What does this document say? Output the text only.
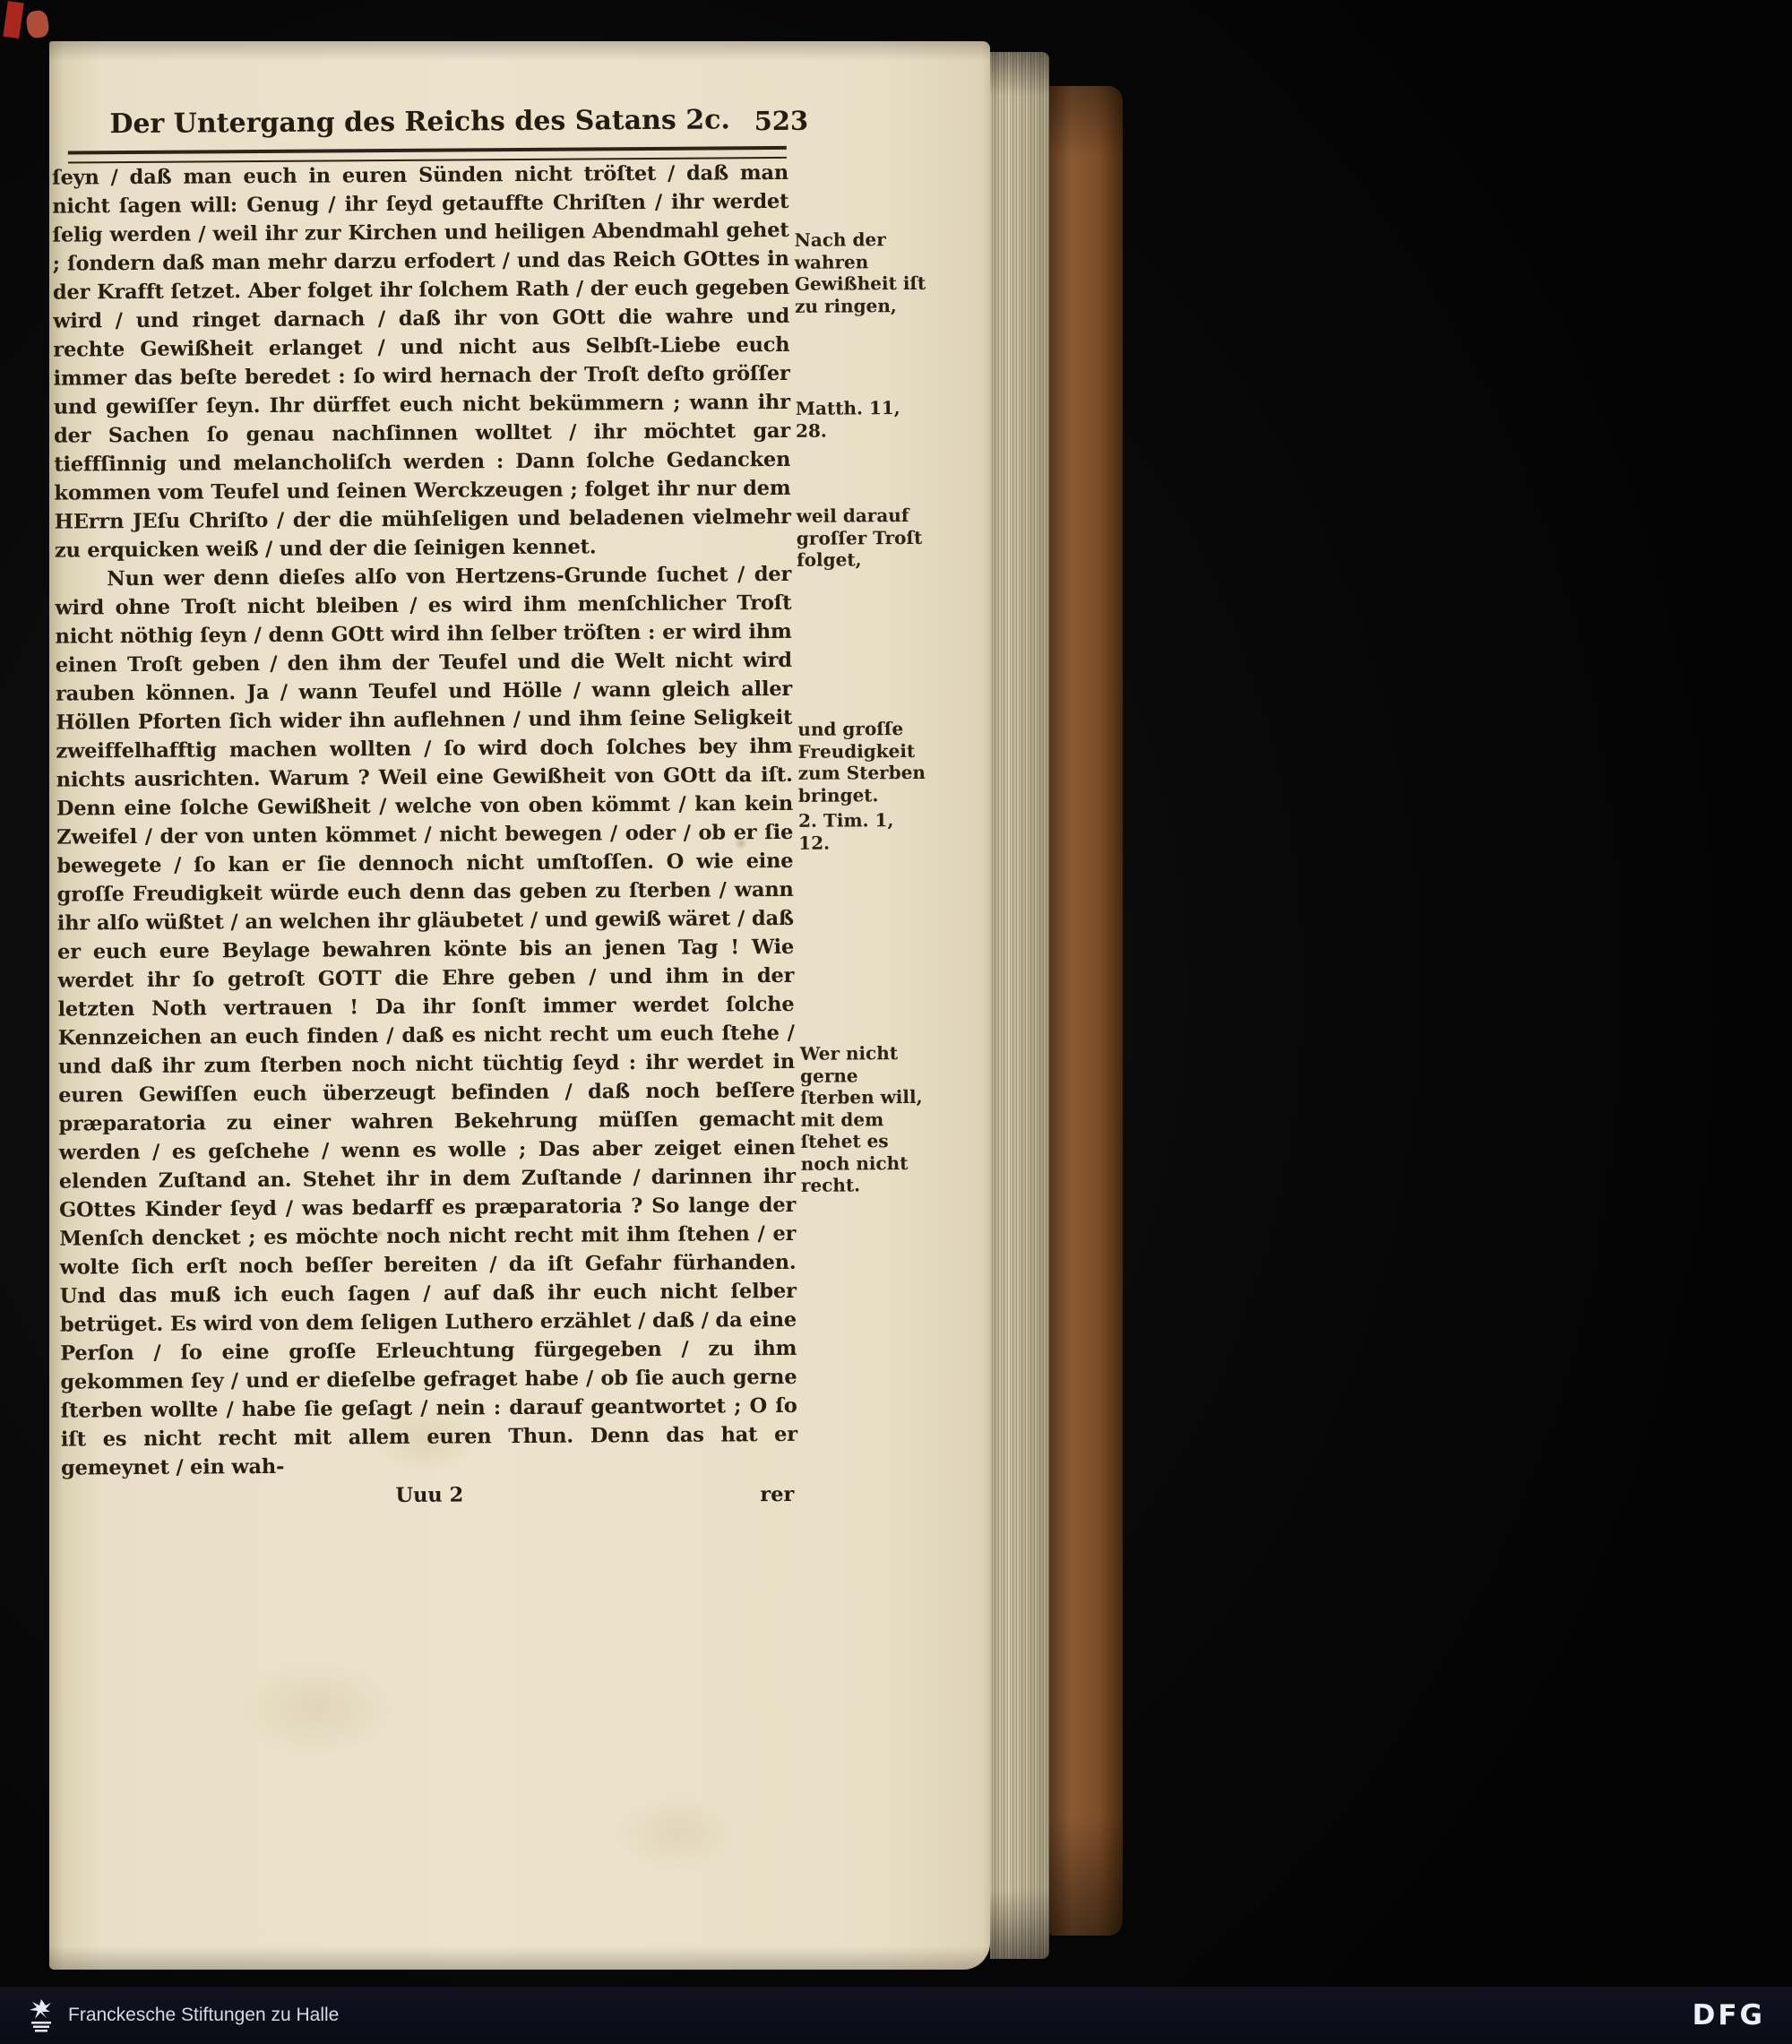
Der Untergang des Reichs des Satans 2c. 523

ſeyn / daß man euch in euren Sünden nicht tröſtet / daß man nicht ſagen will: Genug / ihr ſeyd getauffte Chriſten / ihr werdet ſelig werden / weil ihr zur Kirchen und heiligen Abendmahl gehet ; ſondern daß man mehr darzu erfodert / und das Reich GOttes in der Krafft ſetzet. Aber folget ihr ſolchem Rath / der euch gegeben wird / und ringet darnach / daß ihr von GOtt die wahre und rechte Gewißheit erlanget / und nicht aus Selbſt-Liebe euch immer das beſte beredet : ſo wird hernach der Troſt deſto gröſſer und gewiſſer ſeyn. Ihr dürffet euch nicht bekümmern ; wann ihr der Sachen ſo genau nachſinnen wolltet / ihr möchtet gar tieffſinnig und melancholiſch werden : Dann ſolche Gedancken kommen vom Teufel und ſeinen Werckzeugen ; folget ihr nur dem HErrn JEſu Chriſto / der die mühſeligen und beladenen vielmehr zu erquicken weiß / und der die ſeinigen kennet.

Nun wer denn dieſes alſo von Hertzens-Grunde ſuchet / der wird ohne Troſt nicht bleiben / es wird ihm menſchlicher Troſt nicht nöthig ſeyn / denn GOtt wird ihn ſelber tröſten : er wird ihm einen Troſt geben / den ihm der Teufel und die Welt nicht wird rauben können. Ja / wann Teufel und Hölle / wann gleich aller Höllen Pforten ſich wider ihn auflehnen / und ihm ſeine Seligkeit zweiffelhafftig machen wollten / ſo wird doch ſolches bey ihm nichts ausrichten. Warum ? Weil eine Gewißheit von GOtt da iſt. Denn eine ſolche Gewißheit / welche von oben kömmt / kan kein Zweifel / der von unten kömmet / nicht bewegen / oder / ob er ſie bewegete / ſo kan er ſie dennoch nicht umſtoſſen. O wie eine groſſe Freudigkeit würde euch denn das geben zu ſterben / wann ihr alſo wüßtet / an welchen ihr gläubetet / und gewiß wäret / daß er euch eure Beylage bewahren könte bis an jenen Tag ! Wie werdet ihr ſo getroſt GOTT die Ehre geben / und ihm in der letzten Noth vertrauen ! Da ihr ſonſt immer werdet ſolche Kennzeichen an euch finden / daß es nicht recht um euch ſtehe / und daß ihr zum ſterben noch nicht tüchtig ſeyd : ihr werdet in euren Gewiſſen euch überzeugt befinden / daß noch beſſere præparatoria zu einer wahren Bekehrung müſſen gemacht werden / es geſchehe / wenn es wolle ; Das aber zeiget einen elenden Zuſtand an. Stehet ihr in dem Zuſtande / darinnen ihr GOttes Kinder ſeyd / was bedarff es præparatoria ? So lange der Menſch dencket ; es möchte noch nicht recht mit ihm ſtehen / er wolte ſich erſt noch beſſer bereiten / da iſt Gefahr fürhanden. Und das muß ich euch ſagen / auf daß ihr euch nicht ſelber betrüget. Es wird von dem ſeligen Luthero erzählet / daß / da eine Perſon / ſo eine groſſe Erleuchtung fürgegeben / zu ihm gekommen ſey / und er dieſelbe gefraget habe / ob ſie auch gerne ſterben wollte / habe ſie geſagt / nein : darauf geantwortet ; O ſo iſt es nicht recht mit allem euren Thun. Denn das hat er gemeynet / ein wah-

Uuu 2	rer
Nach der wahren Gewißheit iſt zu ringen,
Matth. 11, 28.
weil darauf groſſer Troſt folget,
und groſſe Freudigkeit zum Sterben bringet.
2. Tim. 1, 12.
Wer nicht gerne ſterben will, mit dem ſtehet es noch nicht recht.
Franckesche Stiftungen zu Halle	DFG
